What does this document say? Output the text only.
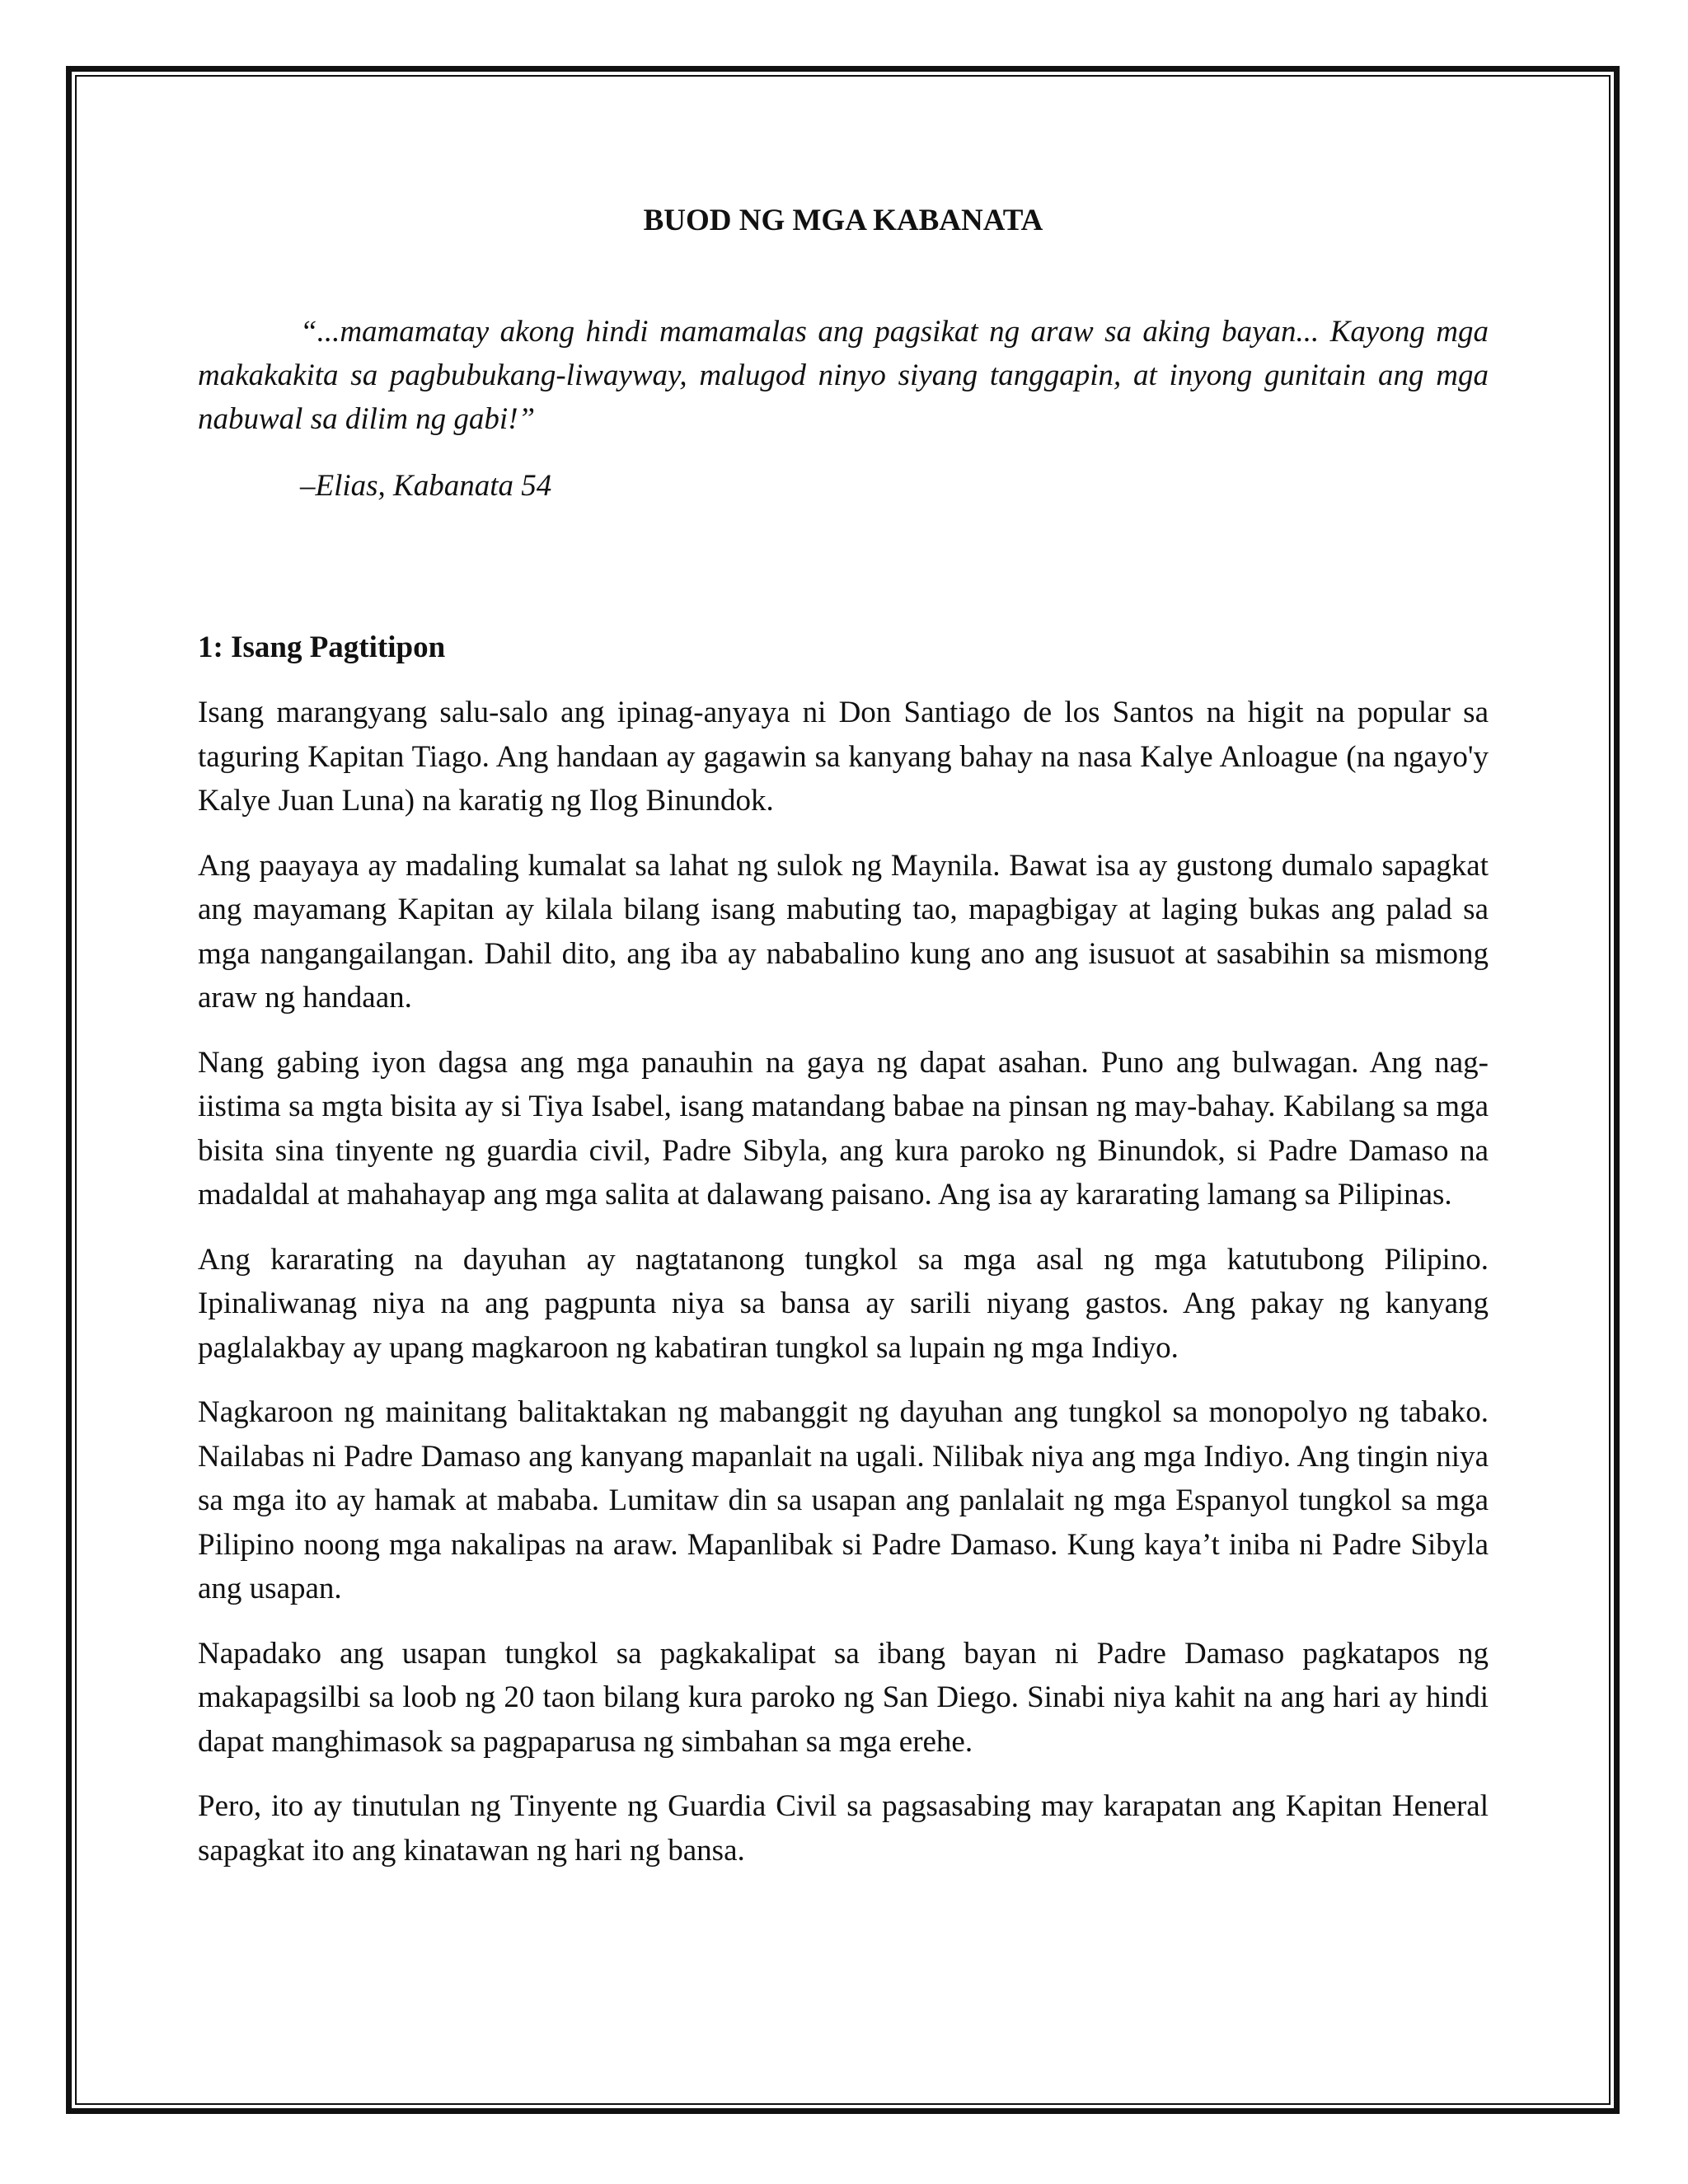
BUOD NG MGA KABANATA

“...mamamatay akong hindi mamamalas ang pagsikat ng araw sa aking bayan... Kayong mga makakakita sa pagbubukang-liwayway, malugod ninyo siyang tanggapin, at inyong gunitain ang mga nabuwal sa dilim ng gabi!”

–Elias, Kabanata 54

1: Isang Pagtitipon

Isang marangyang salu-salo ang ipinag-anyaya ni Don Santiago de los Santos na higit na popular sa taguring Kapitan Tiago. Ang handaan ay gagawin sa kanyang bahay na nasa Kalye Anloague (na ngayo'y Kalye Juan Luna) na karatig ng Ilog Binundok.

Ang paayaya ay madaling kumalat sa lahat ng sulok ng Maynila. Bawat isa ay gustong dumalo sapagkat ang mayamang Kapitan ay kilala bilang isang mabuting tao, mapagbigay at laging bukas ang palad sa mga nangangailangan. Dahil dito, ang iba ay nababalino kung ano ang isusuot at sasabihin sa mismong araw ng handaan.

Nang gabing iyon dagsa ang mga panauhin na gaya ng dapat asahan. Puno ang bulwagan. Ang nag-iistima sa mgta bisita ay si Tiya Isabel, isang matandang babae na pinsan ng may-bahay. Kabilang sa mga bisita sina tinyente ng guardia civil, Padre Sibyla, ang kura paroko ng Binundok, si Padre Damaso na madaldal at mahahayap ang mga salita at dalawang paisano. Ang isa ay kararating lamang sa Pilipinas.

Ang kararating na dayuhan ay nagtatanong tungkol sa mga asal ng mga katutubong Pilipino. Ipinaliwanag niya na ang pagpunta niya sa bansa ay sarili niyang gastos. Ang pakay ng kanyang paglalakbay ay upang magkaroon ng kabatiran tungkol sa lupain ng mga Indiyo.

Nagkaroon ng mainitang balitaktakan ng mabanggit ng dayuhan ang tungkol sa monopolyo ng tabako. Nailabas ni Padre Damaso ang kanyang mapanlait na ugali. Nilibak niya ang mga Indiyo. Ang tingin niya sa mga ito ay hamak at mababa. Lumitaw din sa usapan ang panlalait ng mga Espanyol tungkol sa mga Pilipino noong mga nakalipas na araw. Mapanlibak si Padre Damaso. Kung kaya’t iniba ni Padre Sibyla ang usapan.

Napadako ang usapan tungkol sa pagkakalipat sa ibang bayan ni Padre Damaso pagkatapos ng makapagsilbi sa loob ng 20 taon bilang kura paroko ng San Diego. Sinabi niya kahit na ang hari ay hindi dapat manghimasok sa pagpaparusa ng simbahan sa mga erehe.

Pero, ito ay tinutulan ng Tinyente ng Guardia Civil sa pagsasabing may karapatan ang Kapitan Heneral sapagkat ito ang kinatawan ng hari ng bansa.
